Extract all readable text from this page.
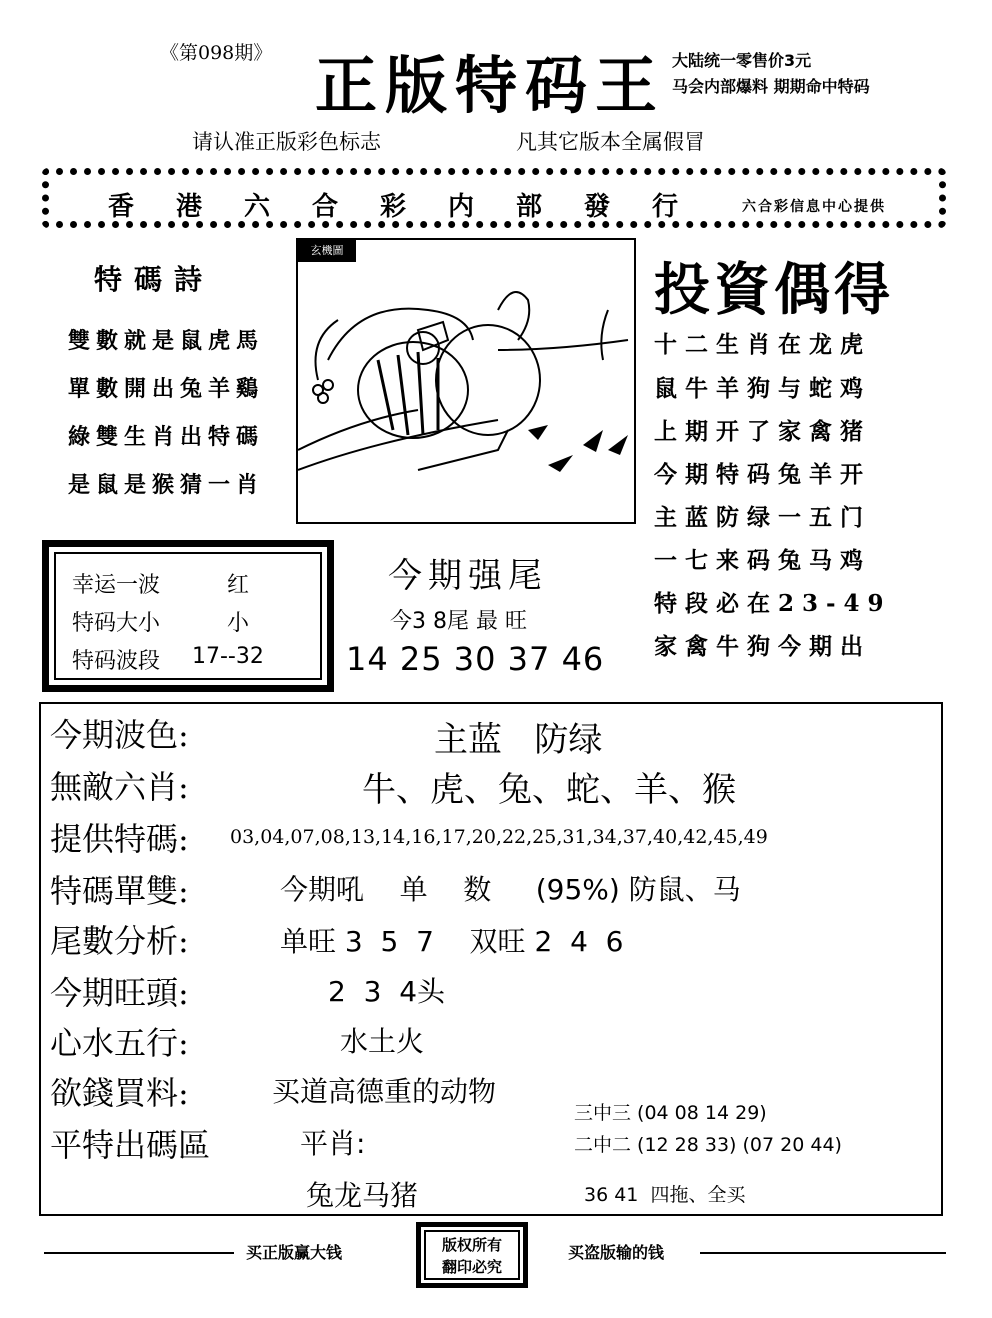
《第098期》 正版特码王 大陆统一零售价3元
马会内部爆料 期期命中特码
请认准正版彩色标志	凡其它版本全属假冒
香港六合彩内部發行 六合彩信息中心提供
特碼詩
雙數就是鼠虎馬
單數開出兔羊鷄
綠雙生肖出特碼
是鼠是猴猜一肖
玄機圖
投資偶得
十二生肖在龙虎
鼠牛羊狗与蛇鸡
上期开了家禽猪
今期特码兔羊开
主蓝防绿一五门
一七来码兔马鸡
特段必在23-49
家禽牛狗今期出
幸运一波	红
特码大小	小
特码波段 17--32
今期强尾
今3 8尾 最 旺
14 25 30 37 46
今期波色:	主蓝   防绿
無敵六肖:	牛、虎、兔、蛇、羊、猴
提供特碼: 03,04,07,08,13,14,16,17,20,22,25,31,34,37,40,42,45,49
特碼單雙:	今期吼    单    数     (95%) 防鼠、马
尾數分析:	单旺 3  5  7    双旺 2  4  6
今期旺頭:	2  3  4头
心水五行:	水土火
欲錢買料:	买道高德重的动物
平特出碼區	平肖:
兔龙马猪
三中三 (04 08 14 29)
二中二 (12 28 33) (07 20 44)
36 41  四拖、全买
买正版赢大钱	版权所有
翻印必究
买盗版输的钱
